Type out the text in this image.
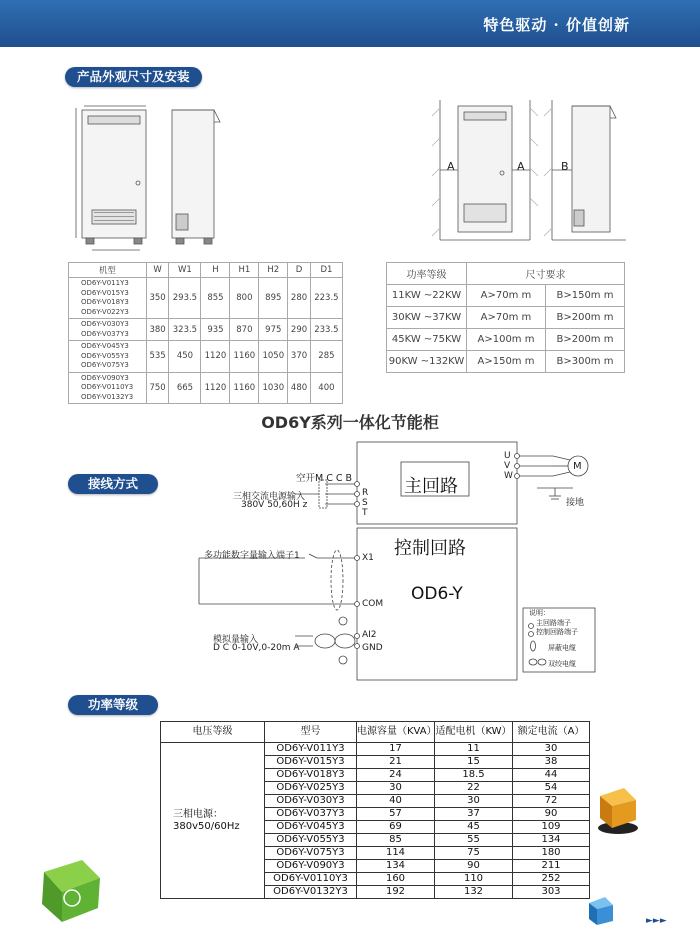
特色驱动 · 价值创新
产品外观尺寸及安装
接线方式
功率等级
A	A	B
机型	W	W1	H	H1	H2	D	D1

OD6Y-V011Y3
OD6Y-V015Y3
OD6Y-V018Y3
OD6Y-V022Y3	350	293.5	855	800	895	280	223.5

OD6Y-V030Y3
OD6Y-V037Y3	380	323.5	935	870	975	290	233.5

OD6Y-V045Y3
OD6Y-V055Y3
OD6Y-V075Y3	535	450	1120	1160	1050	370	285

OD6Y-V090Y3
OD6Y-V0110Y3
OD6Y-V0132Y3	750	665	1120	1160	1030	480	400
功率等级	尺寸要求	
11KW ~22KW	A>70m m	B>150m m
30KW ~37KW	A>70m m	B>200m m
45KW ~75KW	A>100m m	B>200m m
90KW ~132KW	A>150m m	B>300m m
OD6Y系列一体化节能柜
空开M C C B
三相交流电源输入
380V 50,60H z
R
S
T
主回路
U
V
W
M
接地
控制回路
OD6-Y
多功能数字量输入端子1	X1
COM
模拟量输入
D C 0-10V,0-20m A
AI2
GND
说明：
主回路端子
控制回路端子
屏蔽电缆
双绞电缆
电压等级	型号	电源容量（KVA）	适配电机（KW）	额定电流（A）

三相电源：
380v50/60Hz	OD6Y-V011Y3	17	11	30
	OD6Y-V015Y3	21	15	38
	OD6Y-V018Y3	24	18.5	44
	OD6Y-V025Y3	30	22	54
	OD6Y-V030Y3	40	30	72
	OD6Y-V037Y3	57	37	90
	OD6Y-V045Y3	69	45	109
	OD6Y-V055Y3	85	55	134
	OD6Y-V075Y3	114	75	180
	OD6Y-V090Y3	134	90	211
	OD6Y-V0110Y3	160	110	252
	OD6Y-V0132Y3	192	132	303
►►►
